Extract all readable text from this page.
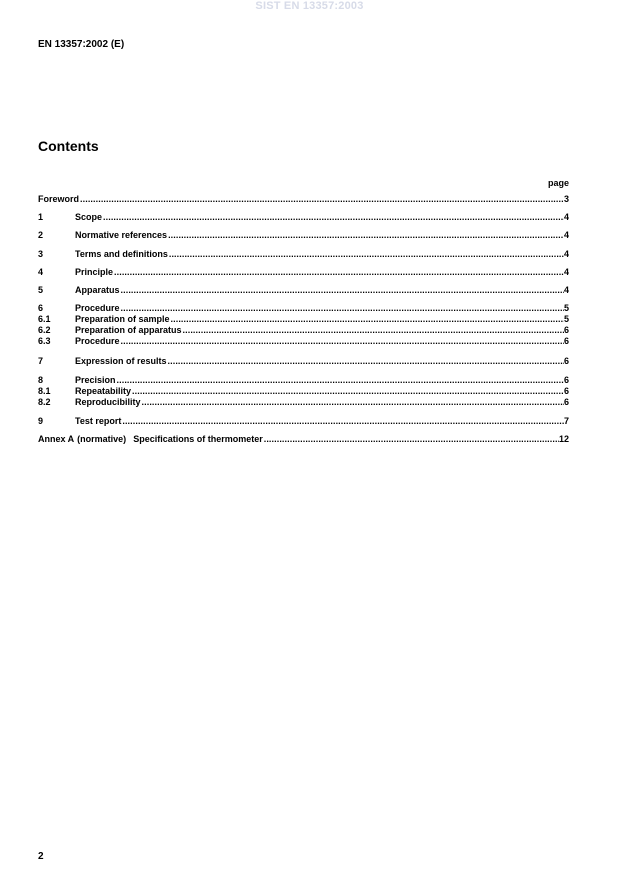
SIST EN 13357:2003
EN 13357:2002 (E)
Contents
page
Foreword .....	3
1	Scope .....	4
2	Normative references .....	4
3	Terms and definitions .....	4
4	Principle .....	4
5	Apparatus .....	4
6	Procedure .....	5
6.1	Preparation of sample .....	5
6.2	Preparation of apparatus .....	6
6.3	Procedure .....	6
7	Expression of results .....	6
8	Precision .....	6
8.1	Repeatability .....	6
8.2	Reproducibility .....	6
9	Test report .....	7
Annex A (normative) Specifications of thermometer .....	12
2
